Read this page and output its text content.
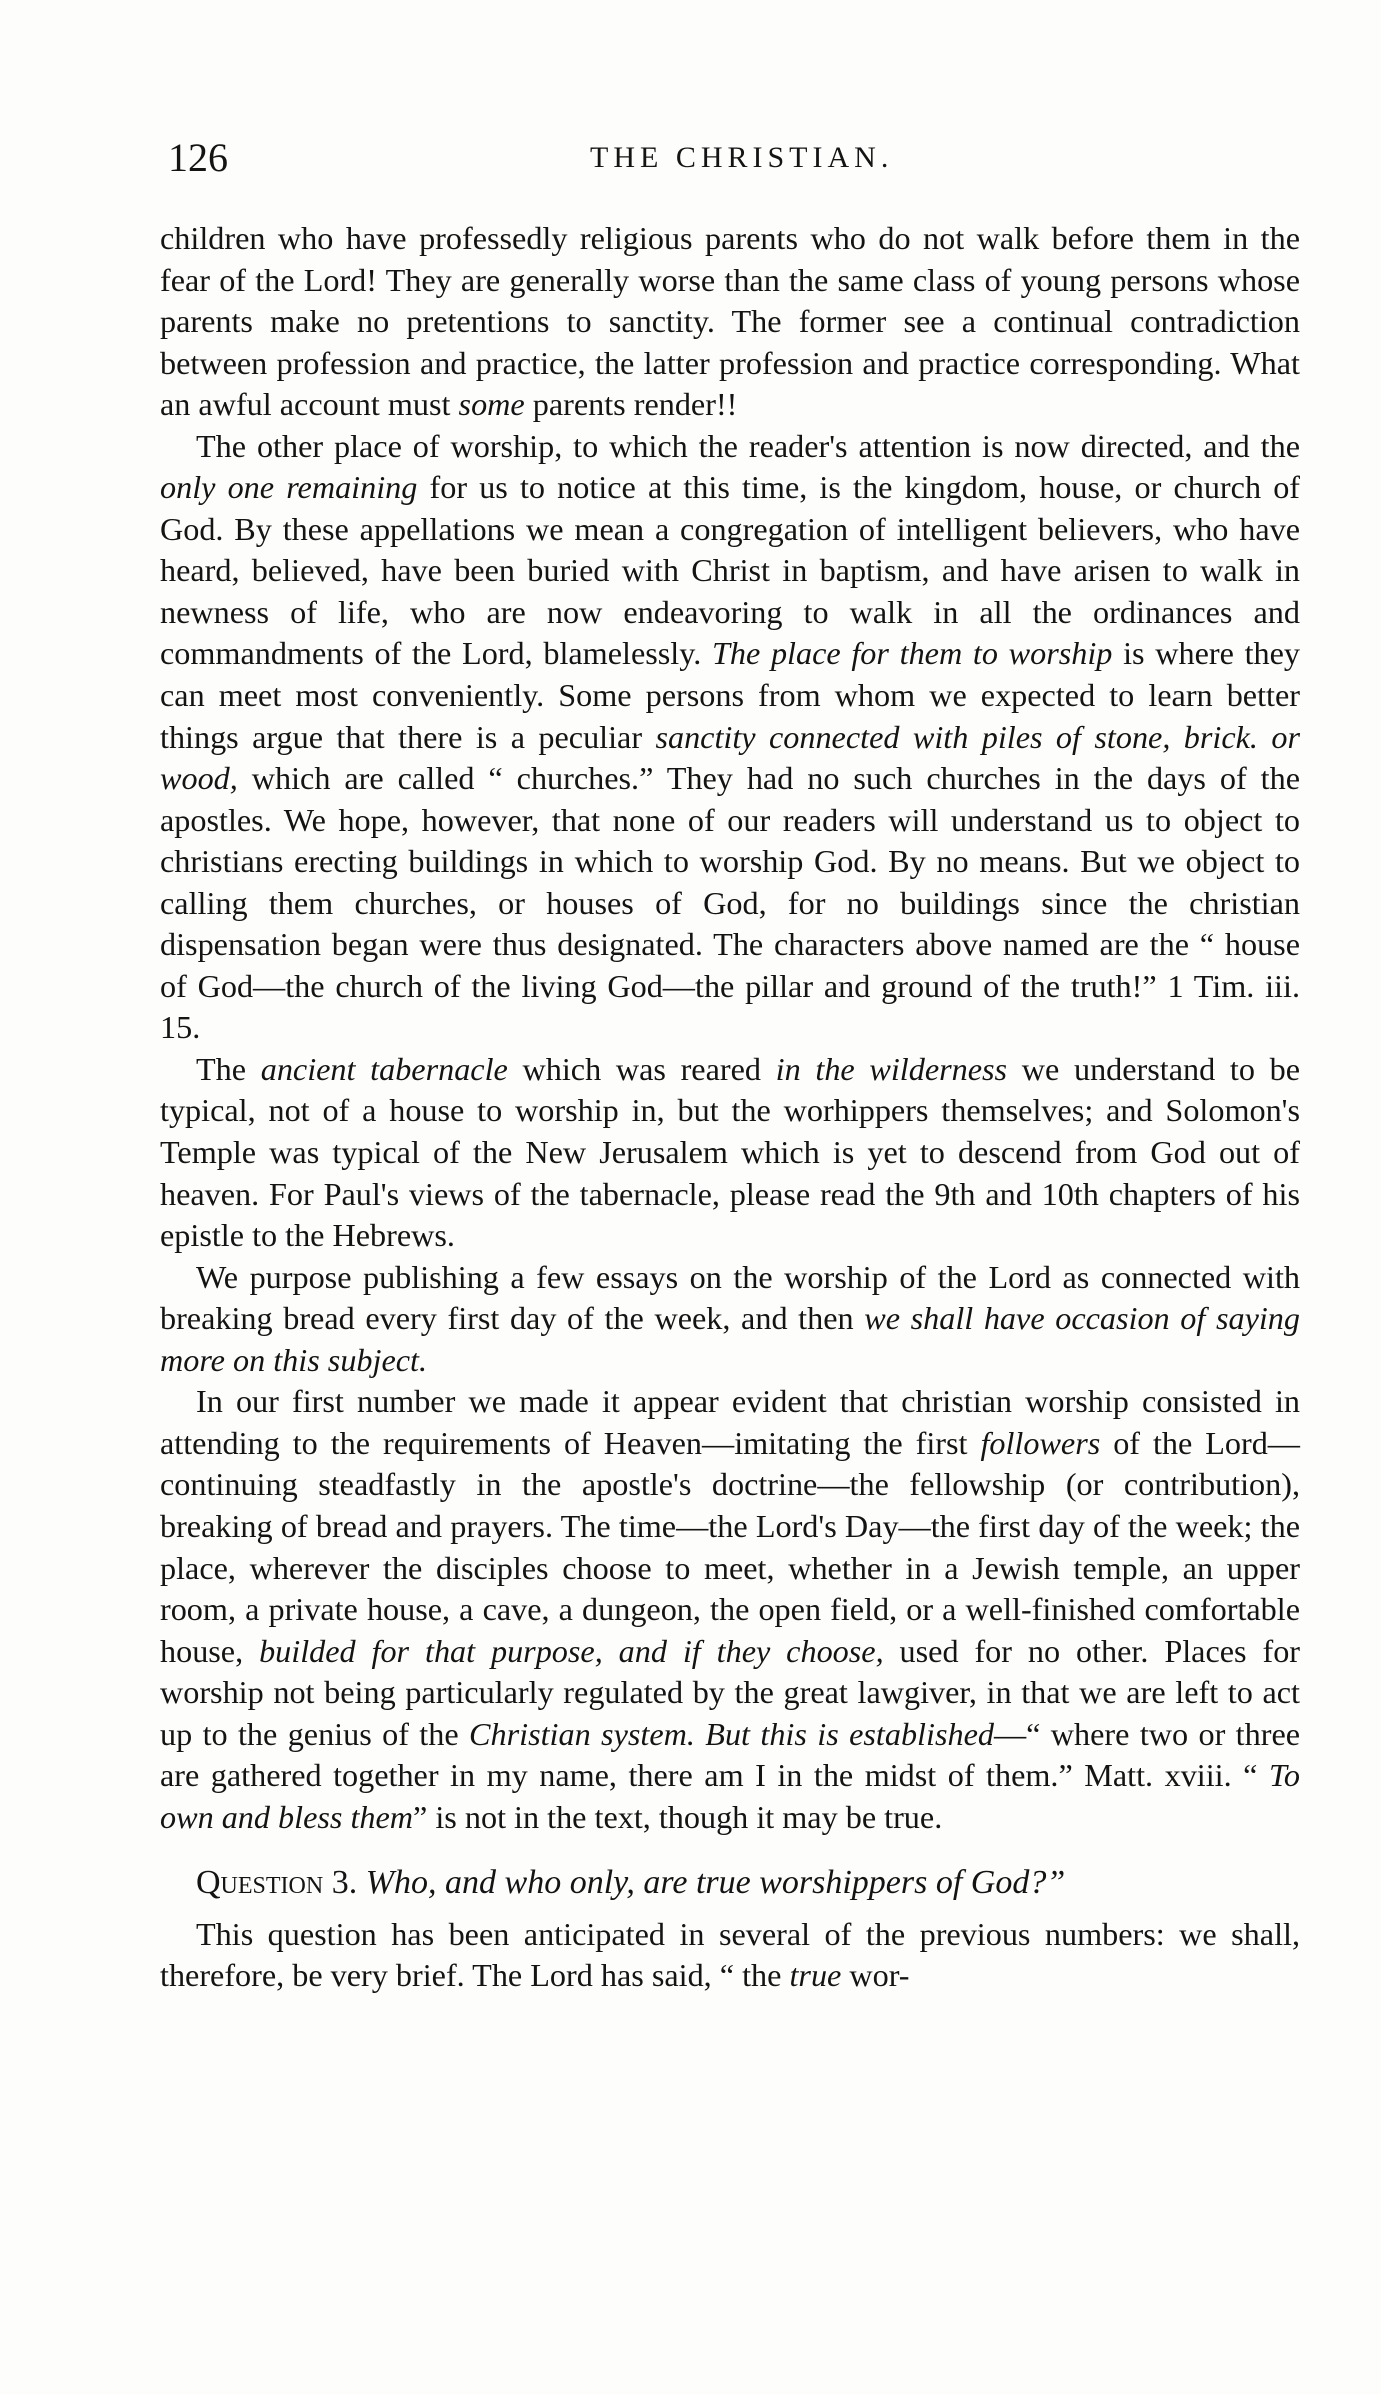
126	THE CHRISTIAN.

children who have professedly religious parents who do not walk before them in the fear of the Lord! They are generally worse than the same class of young persons whose parents make no pretentions to sanctity. The former see a continual contradiction between profession and practice, the latter profession and practice corresponding. What an awful account must some parents render!!

The other place of worship, to which the reader's attention is now directed, and the only one remaining for us to notice at this time, is the kingdom, house, or church of God. By these appellations we mean a congregation of intelligent believers, who have heard, believed, have been buried with Christ in baptism, and have arisen to walk in newness of life, who are now endeavoring to walk in all the ordinances and commandments of the Lord, blamelessly. The place for them to worship is where they can meet most conveniently. Some persons from whom we expected to learn better things argue that there is a peculiar sanctity connected with piles of stone, brick. or wood, which are called “ churches.” They had no such churches in the days of the apostles. We hope, however, that none of our readers will understand us to object to christians erecting buildings in which to worship God. By no means. But we object to calling them churches, or houses of God, for no buildings since the christian dispensation began were thus designated. The characters above named are the “ house of God—the church of the living God—the pillar and ground of the truth!” 1 Tim. iii. 15.

The ancient tabernacle which was reared in the wilderness we understand to be typical, not of a house to worship in, but the worhippers themselves; and Solomon's Temple was typical of the New Jerusalem which is yet to descend from God out of heaven. For Paul's views of the tabernacle, please read the 9th and 10th chapters of his epistle to the Hebrews.

We purpose publishing a few essays on the worship of the Lord as connected with breaking bread every first day of the week, and then we shall have occasion of saying more on this subject.

In our first number we made it appear evident that christian worship consisted in attending to the requirements of Heaven—imitating the first followers of the Lord—continuing steadfastly in the apostle's doctrine—the fellowship (or contribution), breaking of bread and prayers. The time—the Lord's Day—the first day of the week; the place, wherever the disciples choose to meet, whether in a Jewish temple, an upper room, a private house, a cave, a dungeon, the open field, or a well-finished comfortable house, builded for that purpose, and if they choose, used for no other. Places for worship not being particularly regulated by the great lawgiver, in that we are left to act up to the genius of the Christian system. But this is established—“ where two or three are gathered together in my name, there am I in the midst of them.” Matt. xviii. “ To own and bless them” is not in the text, though it may be true.

Question 3. Who, and who only, are true worshippers of God?”

This question has been anticipated in several of the previous numbers: we shall, therefore, be very brief. The Lord has said, “ the true wor-
